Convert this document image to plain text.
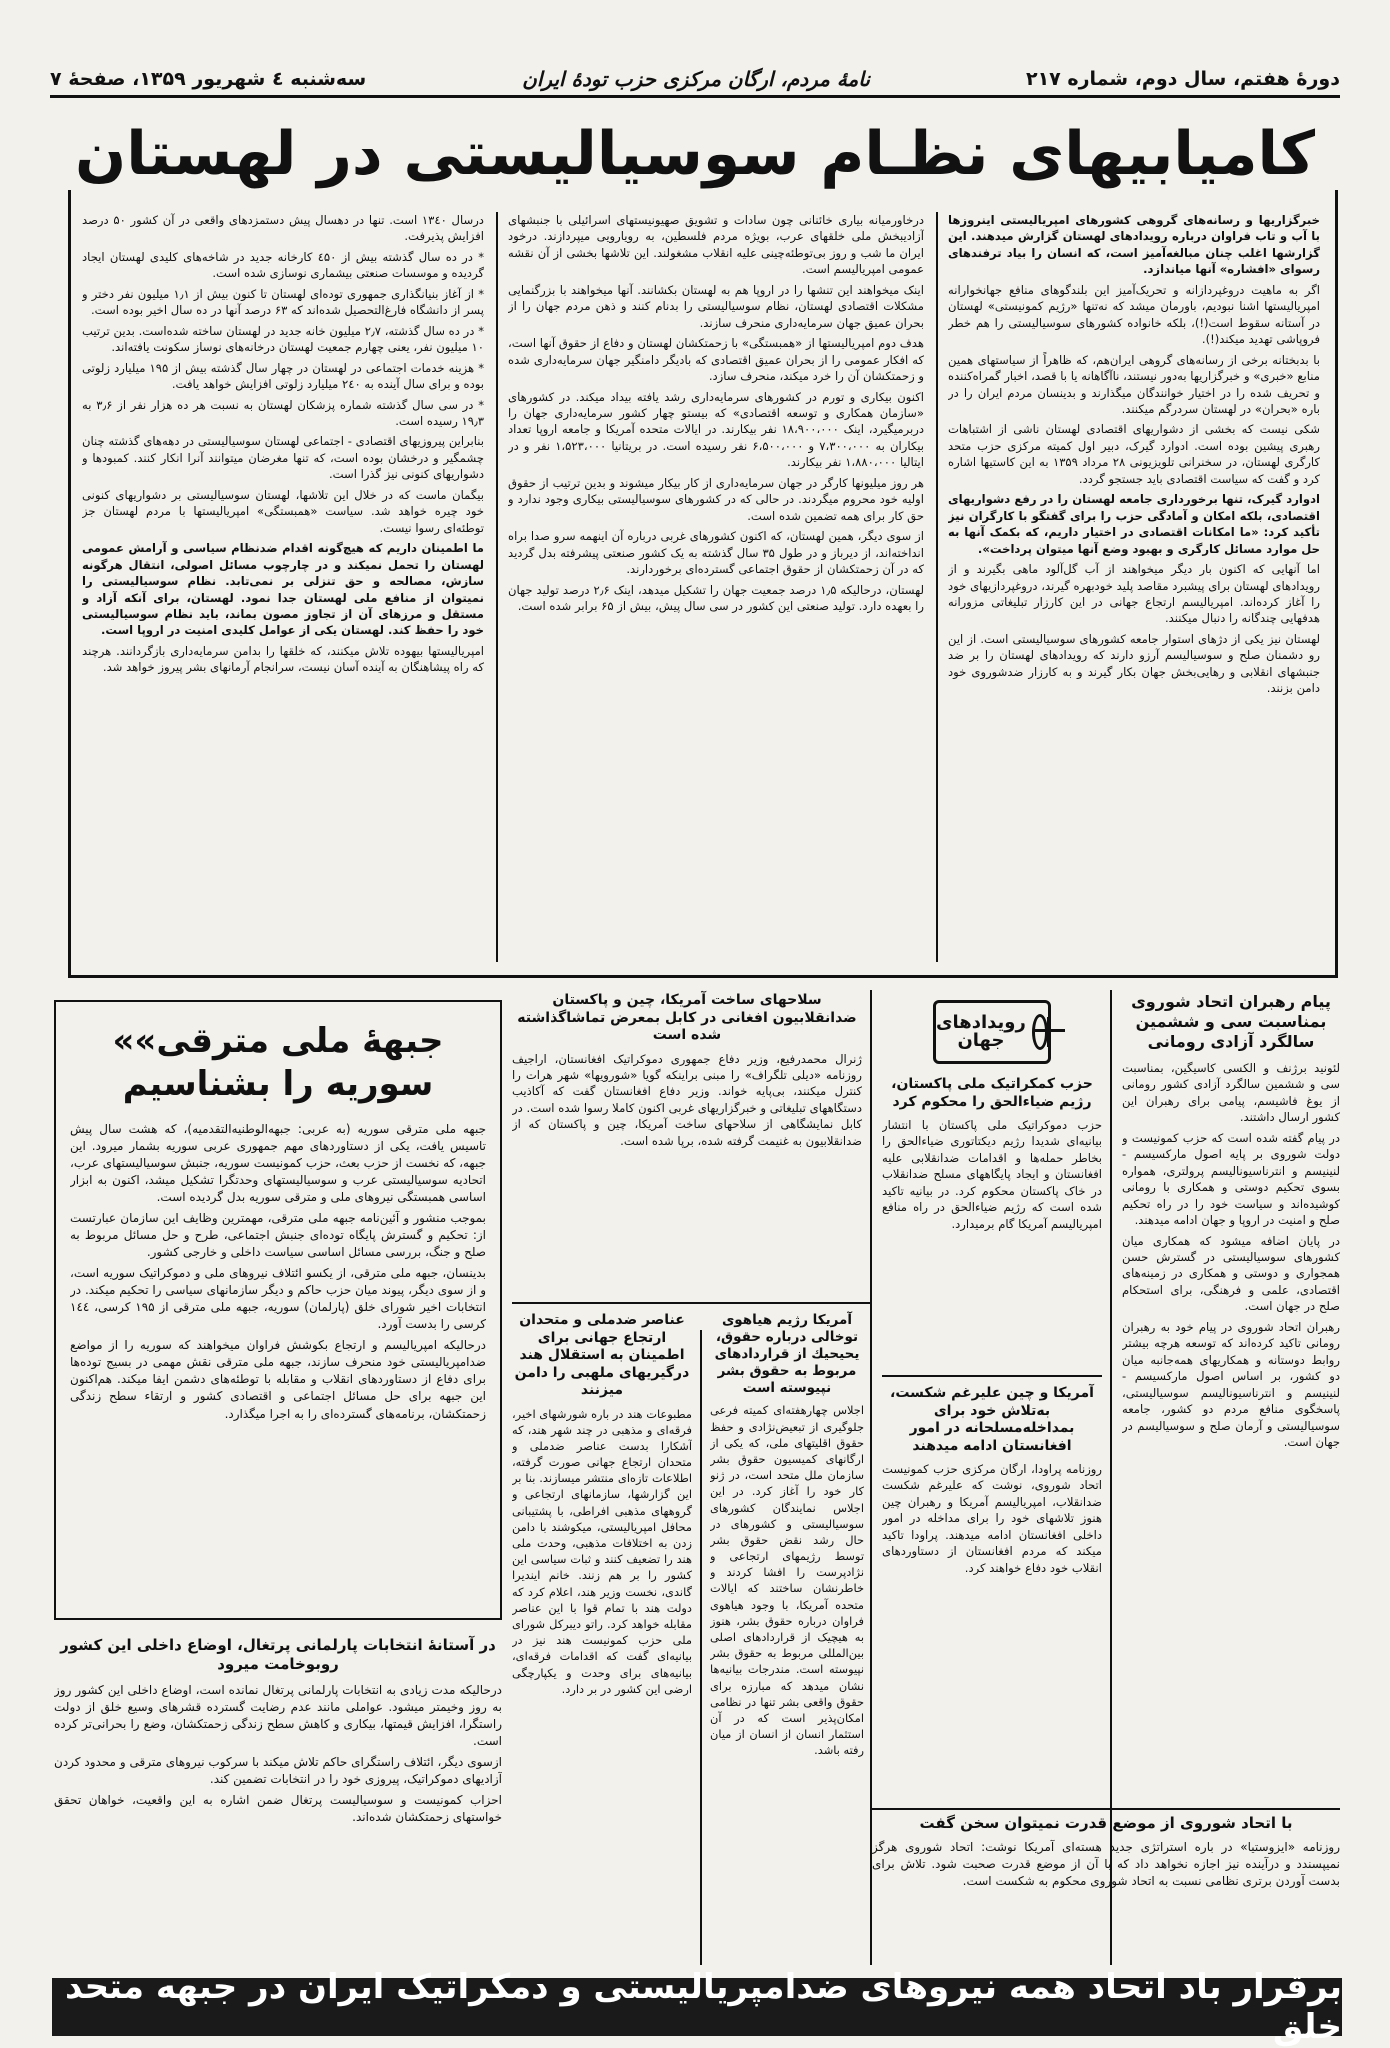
دورهٔ هفتم، سال دوم، شماره ۲۱۷
نامهٔ مردم، ارگان مرکزی حزب تودهٔ ایران
سه‌شنبه ٤ شهریور ۱۳۵۹، صفحهٔ ۷
کامیابیهای نظـام سوسیالیستی در لهستان

خبرگزاریها و رسانه‌های گروهی کشورهای امپریالیستی اینروزها با آب و تاب فراوان درباره رویدادهای لهستان گزارش میدهند. این گزارشها اغلب چنان مبالغه‌آمیز است، که انسان را بیاد ترفندهای رسوای «افشاره» آنها میاندازد.

اگر به ماهیت دروغپردازانه و تحریک‌آمیز این بلندگوهای منافع جهانخوارانه امپریالیستها اشنا نبودیم، باورمان میشد که نه‌تنها «رژیم کمونیستی» لهستان در آستانه سقوط است(!)، بلکه خانواده کشورهای سوسیالیستی را هم خطر فروپاشی تهدید میکند(!).

با بدبختانه برخی از رسانه‌های گروهی ایران‌هم، که ظاهراً از سیاستهای همین منابع «خبری» و خبرگزاریها به‌دور نیستند، ناآگاهانه یا با قصد، اخبار گمراه‌کننده و تحریف شده را در اختیار خوانندگان میگذارند و بدینسان مردم ایران را در باره «بحران» در لهستان سردرگم میکنند.

شکی نیست که بخشی از دشواریهای اقتصادی لهستان ناشی از اشتباهات رهبری پیشین بوده است. ادوارد گیرک، دبیر اول کمیته مرکزی حزب متحد کارگری لهستان، در سخنرانی تلویزیونی ۲۸ مرداد ۱۳۵۹ به این کاستیها اشاره کرد و گفت که سیاست اقتصادی باید جستجو گردد.

ادوارد گیرک، تنها برخورداری جامعه لهستان را در رفع دشواریهای اقتصادی، بلکه امکان و آمادگی حزب را برای گفتگو با کارگران نیز تأکید کرد: «ما امکانات اقتصادی در اختیار داریم، که بکمک آنها به حل موارد مسائل کارگری و بهبود وضع آنها میتوان پرداخت».

اما آنهایی که اکنون بار دیگر میخواهند از آب گل‌آلود ماهی بگیرند و از رویدادهای لهستان برای پیشبرد مقاصد پلید خودبهره گیرند، دروغپردازیهای خود را آغاز کرده‌اند. امپریالیسم ارتجاع جهانی در این کارزار تبلیغاتی مزورانه هدفهایی چندگانه را دنبال میکنند.

لهستان نیز یکی از دژهای استوار جامعه کشورهای سوسیالیستی است. از این رو دشمنان صلح و سوسیالیسم آرزو دارند که رویدادهای لهستان را بر ضد جنبشهای انقلابی و رهایی‌بخش جهان بکار گیرند و به کارزار ضدشوروی خود دامن بزنند.

درخاورمیانه بیاری خائنانی چون سادات و تشویق صهیونیستهای اسرائیلی با جنبشهای آزادیبخش ملی خلقهای عرب، بویژه مردم فلسطین، به رویارویی میپردازند. درخود ایران ما شب و روز بی‌توطئه‌چینی علیه انقلاب مشغولند. این تلاشها بخشی از آن نقشه عمومی امپریالیسم است.

اینک میخواهند این تنشها را در اروپا هم به لهستان بکشانند. آنها میخواهند با بزرگنمایی مشکلات اقتصادی لهستان، نظام سوسیالیستی را بدنام کنند و ذهن مردم جهان را از بحران عمیق جهان سرمایه‌داری منحرف سازند.

هدف دوم امپریالیستها از «همبستگی» با زحمتکشان لهستان و دفاع از حقوق آنها است، که افکار عمومی را از بحران عمیق اقتصادی که بادیگر دامنگیر جهان سرمایه‌داری شده و زحمتکشان آن را خرد میکند، منحرف سازد.

اکنون بیکاری و تورم در کشورهای سرمایه‌داری رشد یافته بیداد میکند. در کشورهای «سازمان همکاری و توسعه اقتصادی» که بیستو چهار کشور سرمایه‌داری جهان را دربرمیگیرد، اینک ۱۸،۹۰۰،۰۰۰ نفر بیکارند. در ایالات متحده آمریکا و جامعه اروپا تعداد بیکاران به ۷،۳۰۰،۰۰۰ و ۶،۵۰۰،۰۰۰ نفر رسیده است. در بریتانیا ۱،۵۲۳،۰۰۰ نفر و در ایتالیا ۱،۸۸۰،۰۰۰ نفر بیکارند.

هر روز میلیونها کارگر در جهان سرمایه‌داری از کار بیکار میشوند و بدین ترتیب از حقوق اولیه خود محروم میگردند. در حالی که در کشورهای سوسیالیستی بیکاری وجود ندارد و حق کار برای همه تضمین شده است.

از سوی دیگر، همین لهستان، که اکنون کشورهای غربی درباره آن اینهمه سرو صدا براه انداخته‌اند، از دیرباز و در طول ۳۵ سال گذشته به یک کشور صنعتی پیشرفته بدل گردید که در آن زحمتکشان از حقوق اجتماعی گسترده‌ای برخوردارند.

لهستان، درحالیکه ۱٫۵ درصد جمعیت جهان را تشکیل میدهد، اینک ۲٫۶ درصد تولید جهان را بعهده دارد. تولید صنعتی این کشور در سی سال پیش، بیش از ۶۵ برابر شده است.

درسال ۱۳٤۰ است. تنها در دهسال پیش دستمزدهای واقعی در آن کشور ۵۰ درصد افزایش پذیرفت.

* در ده سال گذشته بیش از ٤۵۰ کارخانه جدید در شاخه‌های کلیدی لهستان ایجاد گردیده و موسسات صنعتی بیشماری نوسازی شده است.

* از آغاز بنیانگذاری جمهوری توده‌ای لهستان تا کنون بیش از ۱٫۱ میلیون نفر دختر و پسر از دانشگاه فارغ‌التحصیل شده‌اند که ۶۳ درصد آنها در ده سال اخیر بوده است.

* در ده سال گذشته، ۲٫۷ میلیون خانه جدید در لهستان ساخته شده‌است. بدین ترتیب ۱۰ میلیون نفر، یعنی چهارم جمعیت لهستان درخانه‌های نوساز سکونت یافته‌اند.

* هزینه خدمات اجتماعی در لهستان در چهار سال گذشته بیش از ۱۹۵ میلیارد زلوتی بوده و برای سال آینده به ۲٤۰ میلیارد زلوتی افزایش خواهد یافت.

* در سی سال گذشته شماره پزشکان لهستان به نسبت هر ده هزار نفر از ۳٫۶ به ۱۹٫۳ رسیده است.

بنابراین پیروزیهای اقتصادی - اجتماعی لهستان سوسیالیستی در دهه‌های گذشته چنان چشمگیر و درخشان بوده است، که تنها مغرضان میتوانند آنرا انکار کنند. کمبودها و دشواریهای کنونی نیز گذرا است.

بیگمان ماست که در خلال این تلاشها، لهستان سوسیالیستی بر دشواریهای کنونی خود چیره خواهد شد. سیاست «همبستگی» امپریالیستها با مردم لهستان جز توطئه‌ای رسوا نیست.

ما اطمینان داریم که هیچ‌گونه اقدام ضدنظام سیاسی و آرامش عمومی لهستان را تحمل نمیکند و در چارچوب مسائل اصولی، انتقال هرگونه سازش، مصالحه و حق تنزلی بر نمی‌تابد. نظام سوسیالیستی را نمیتوان از منافع ملی لهستان جدا نمود. لهستان، برای آنکه آزاد و مستقل و مرزهای آن از تجاوز مصون بماند، باید نظام سوسیالیستی خود را حفظ کند. لهستان یکی از عوامل کلیدی امنیت در اروپا است.

امپریالیستها بیهوده تلاش میکنند، که خلقها را بدامن سرمایه‌داری بازگردانند. هرچند که راه پیشاهنگان به آینده آسان نیست، سرانجام آرمانهای بشر پیروز خواهد شد.

پیام رهبران اتحاد شوروی بمناسبت سی و ششمین سالگرد آزادی رومانی

لئونید برژنف و الکسی کاسیگین، بمناسبت سی و ششمین سالگرد آزادی کشور رومانی از یوغ فاشیسم، پیامی برای رهبران این کشور ارسال داشتند.

در پیام گفته شده است که حزب کمونیست و دولت شوروی بر پایه اصول مارکسیسم - لنینیسم و انترناسیونالیسم پرولتری، همواره بسوی تحکیم دوستی و همکاری با رومانی کوشیده‌اند و سیاست خود را در راه تحکیم صلح و امنیت در اروپا و جهان ادامه میدهند.

در پایان اضافه میشود که همکاری میان کشورهای سوسیالیستی در گسترش حسن همجواری و دوستی و همکاری در زمینه‌های اقتصادی، علمی و فرهنگی، برای استحکام صلح در جهان است.

رهبران اتحاد شوروی در پیام خود به رهبران رومانی تاکید کرده‌اند که توسعه هرچه بیشتر روابط دوستانه و همکاریهای همه‌جانبه میان دو کشور، بر اساس اصول مارکسیسم - لنینیسم و انترناسیونالیسم سوسیالیستی، پاسخگوی منافع مردم دو کشور، جامعه سوسیالیستی و آرمان صلح و سوسیالیسم در جهان است.

با اتحاد شوروی از موضع قدرت نمیتوان سخن گفت

روزنامه «ایزوستیا» در باره استراتژی جدید هسته‌ای آمریکا نوشت: اتحاد شوروی هرگز نمیپسندد و درآینده نیز اجازه نخواهد داد که با آن از موضع قدرت صحبت شود. تلاش برای بدست آوردن برتری نظامی نسبت به اتحاد شوروی محکوم به شکست است.

رویدادهای جهان
حزب کمکراتیک ملی پاکستان، رژیم ضیاءالحق را محکوم کرد

حزب دموکراتیک ملی پاکستان با انتشار بیانیه‌ای شدیدا رژیم دیکتاتوری ضیاءالحق را بخاطر حمله‌ها و اقدامات ضدانقلابی علیه افغانستان و ایجاد پایگاههای مسلح ضدانقلاب در خاک پاکستان محکوم کرد. در بیانیه تاکید شده است که رژیم ضیاءالحق در راه منافع امپریالیسم آمریکا گام برمیدارد.

آمریکا و چین علیرغم شکست، به‌تلاش خود برای بمداخله‌مسلحانه در امور افغانستان ادامه میدهند

روزنامه پراودا، ارگان مرکزی حزب کمونیست اتحاد شوروی، نوشت که علیرغم شکست ضدانقلاب، امپریالیسم آمریکا و رهبران چین هنوز تلاشهای خود را برای مداخله در امور داخلی افغانستان ادامه میدهند. پراودا تاکید میکند که مردم افغانستان از دستاوردهای انقلاب خود دفاع خواهند کرد.

سلاحهای ساخت آمریکا، چین و پاکستان ضدانقلابیون افغانی در کابل بمعرض تماشاگذاشته شده است

ژنرال محمدرفیع، وزیر دفاع جمهوری دموکراتیک افغانستان، اراجیف روزنامه «دیلی تلگراف» را مبنی براینکه گویا «شورویها» شهر هرات را کنترل میکنند، بی‌پایه خواند. وزیر دفاع افغانستان گفت که آکاذیب دستگاههای تبلیغاتی و خبرگزاریهای غربی اکنون کاملا رسوا شده است. در کابل نمایشگاهی از سلاحهای ساخت آمریکا، چین و پاکستان که از ضدانقلابیون به غنیمت گرفته شده، برپا شده است.

آمریکا رژیم هیاهوی توخالی درباره حقوق، یحیحیك از قراردادهای مربوط به حقوق بشر نپیوسته است

اجلاس چهارهفته‌ای کمیته فرعی جلوگیری از تبعیض‌نژادی و حفظ حقوق اقلیتهای ملی، که یکی از ارگانهای کمیسیون حقوق بشر سازمان ملل متحد است، در ژنو کار خود را آغاز کرد. در این اجلاس نمایندگان کشورهای سوسیالیستی و کشورهای در حال رشد نقض حقوق بشر توسط رژیمهای ارتجاعی و نژادپرست را افشا کردند و خاطرنشان ساختند که ایالات متحده آمریکا، با وجود هیاهوی فراوان درباره حقوق بشر، هنوز به هیچیک از قراردادهای اصلی بین‌المللی مربوط به حقوق بشر نپیوسته است. مندرجات بیانیه‌ها نشان میدهد که مبارزه برای حقوق واقعی بشر تنها در نظامی امکان‌پذیر است که در آن استثمار انسان از انسان از میان رفته باشد.

عناصر ضدملی و متحدان ارتجاع جهانی برای اطمینان به استقلال هند درگیریهای ملهبی را دامن میزنند

مطبوعات هند در باره شورشهای اخیر، فرقه‌ای و مذهبی در چند شهر هند، که آشکارا بدست عناصر ضدملی و متحدان ارتجاع جهانی صورت گرفته، اطلاعات تازه‌ای منتشر میسازند. بنا بر این گزارشها، سازمانهای ارتجاعی و گروههای مذهبی افراطی، با پشتیبانی محافل امپریالیستی، میکوشند با دامن زدن به اختلافات مذهبی، وحدت ملی هند را تضعیف کنند و ثبات سیاسی این کشور را بر هم زنند. خانم ایندیرا گاندی، نخست وزیر هند، اعلام کرد که دولت هند با تمام قوا با این عناصر مقابله خواهد کرد. راتو دیبرکل شورای ملی حزب کمونیست هند نیز در بیانیه‌ای گفت که اقدامات فرقه‌ای، بیانیه‌های برای وحدت و یکپارچگی ارضی این کشور در بر دارد.

«جبههٔ ملی مترقی» سوریه را بشناسیم

جبهه ملی مترقی سوریه (به عربی: جبهه‌الوطنیه‌التقدمیه)، که هشت سال پیش تاسیس یافت، یکی از دستاوردهای مهم جمهوری عربی سوریه بشمار میرود. این جبهه، که نخست از حزب بعث، حزب کمونیست سوریه، جنبش سوسیالیستهای عرب، اتحادیه سوسیالیستی عرب و سوسیالیستهای وحدتگرا تشکیل میشد، اکنون به ابزار اساسی همبستگی نیروهای ملی و مترقی سوریه بدل گردیده است.

بموجب منشور و آئین‌نامه جبهه ملی مترقی، مهمترین وظایف این سازمان عبارتست از: تحکیم و گسترش پایگاه توده‌ای جنبش اجتماعی، طرح و حل مسائل مربوط به صلح و جنگ، بررسی مسائل اساسی سیاست داخلی و خارجی کشور.

بدینسان، جبهه ملی مترقی، از یکسو ائتلاف نیروهای ملی و دموکراتیک سوریه است، و از سوی دیگر، پیوند میان حزب حاکم و دیگر سازمانهای سیاسی را تحکیم میکند. در انتخابات اخیر شورای خلق (پارلمان) سوریه، جبهه ملی مترقی از ۱۹۵ کرسی، ۱٤٤ کرسی را بدست آورد.

درحالیکه امپریالیسم و ارتجاع بکوشش فراوان میخواهند که سوریه را از مواضع ضدامپریالیستی خود منحرف سازند، جبهه ملی مترقی نقش مهمی در بسیج توده‌ها برای دفاع از دستاوردهای انقلاب و مقابله با توطئه‌های دشمن ایفا میکند. هم‌اکنون این جبهه برای حل مسائل اجتماعی و اقتصادی کشور و ارتقاء سطح زندگی زحمتکشان، برنامه‌های گسترده‌ای را به اجرا میگذارد.

در آستانهٔ انتخابات پارلمانی پرتغال، اوضاع داخلی این کشور روبوخامت میرود

درحالیکه مدت زیادی به انتخابات پارلمانی پرتغال نمانده است، اوضاع داخلی این کشور روز به روز وخیمتر میشود. عواملی مانند عدم رضایت گسترده قشرهای وسیع خلق از دولت راستگرا، افزایش قیمتها، بیکاری و کاهش سطح زندگی زحمتکشان، وضع را بحرانی‌تر کرده است.

ازسوی دیگر، ائتلاف راستگرای حاکم تلاش میکند با سرکوب نیروهای مترقی و محدود کردن آزادیهای دموکراتیک، پیروزی خود را در انتخابات تضمین کند.

احزاب کمونیست و سوسیالیست پرتغال ضمن اشاره به این واقعیت، خواهان تحقق خواستهای زحمتکشان شده‌اند.

برقرار باد اتحاد همه نیروهای ضدامپریالیستی و دمکراتیک ایران در جبهه متحد خلق
